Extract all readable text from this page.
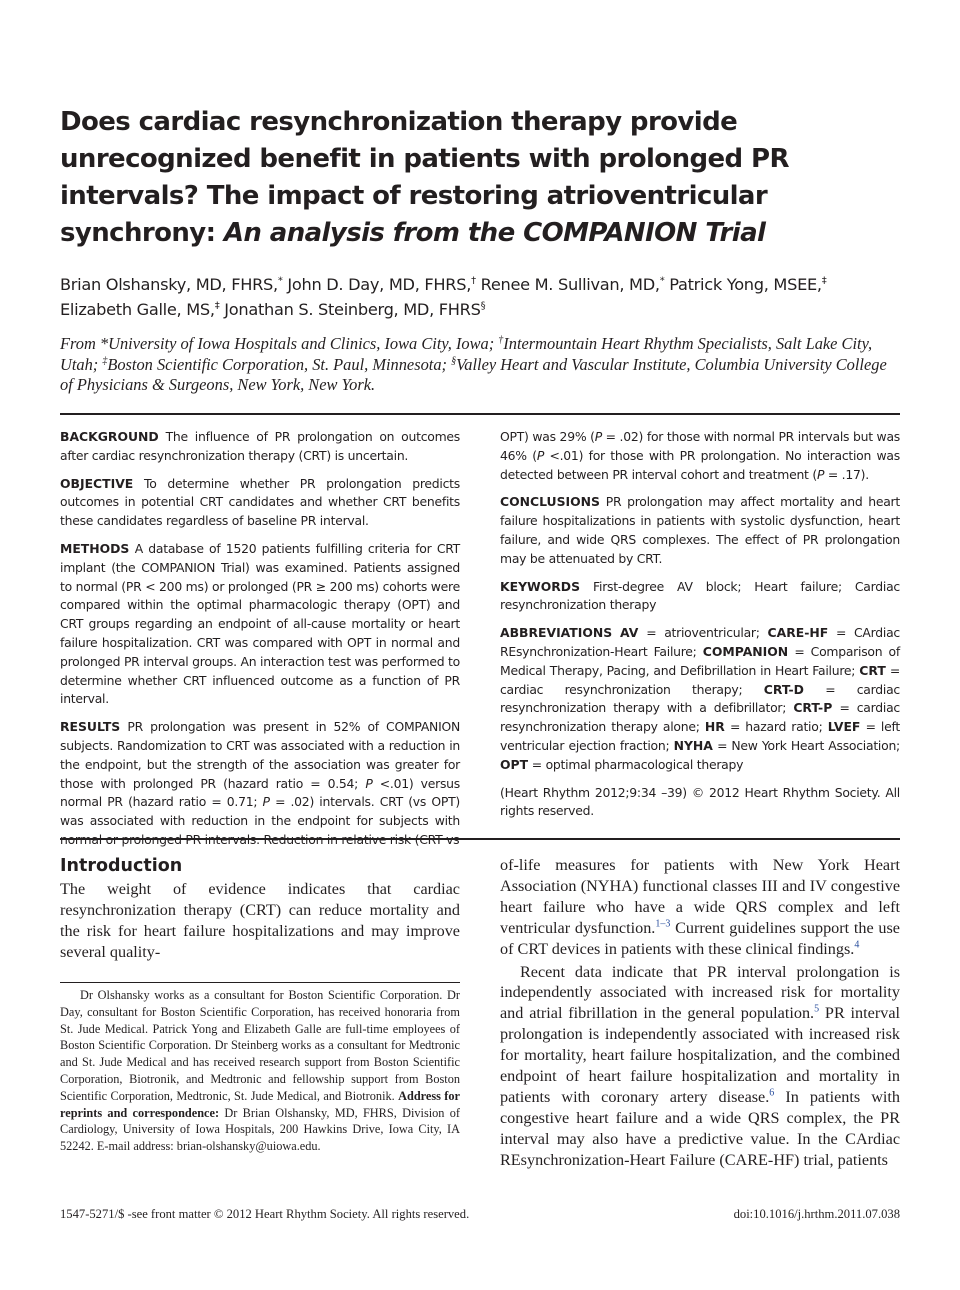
Does cardiac resynchronization therapy provide unrecognized benefit in patients with prolonged PR intervals? The impact of restoring atrioventricular synchrony: An analysis from the COMPANION Trial
Brian Olshansky, MD, FHRS,* John D. Day, MD, FHRS,† Renee M. Sullivan, MD,* Patrick Yong, MSEE,‡
Elizabeth Galle, MS,‡ Jonathan S. Steinberg, MD, FHRS§
From *University of Iowa Hospitals and Clinics, Iowa City, Iowa; †Intermountain Heart Rhythm Specialists, Salt Lake City, Utah; ‡Boston Scientific Corporation, St. Paul, Minnesota; §Valley Heart and Vascular Institute, Columbia University College of Physicians & Surgeons, New York, New York.

BACKGROUND The influence of PR prolongation on outcomes after cardiac resynchronization therapy (CRT) is uncertain.

OBJECTIVE To determine whether PR prolongation predicts outcomes in potential CRT candidates and whether CRT benefits these candidates regardless of baseline PR interval.

METHODS A database of 1520 patients fulfilling criteria for CRT implant (the COMPANION Trial) was examined. Patients assigned to normal (PR < 200 ms) or prolonged (PR ≥ 200 ms) cohorts were compared within the optimal pharmacologic therapy (OPT) and CRT groups regarding an endpoint of all-cause mortality or heart failure hospitalization. CRT was compared with OPT in normal and prolonged PR interval groups. An interaction test was performed to determine whether CRT influenced outcome as a function of PR interval.

RESULTS PR prolongation was present in 52% of COMPANION subjects. Randomization to CRT was associated with a reduction in the endpoint, but the strength of the association was greater for those with prolonged PR (hazard ratio = 0.54; P <.01) versus normal PR (hazard ratio = 0.71; P = .02) intervals. CRT (vs OPT) was associated with reduction in the endpoint for subjects with

OPT) was 29% (P = .02) for those with normal PR intervals but was 46% (P <.01) for those with PR prolongation. No interaction was detected between PR interval cohort and treatment (P = .17).

CONCLUSIONS PR prolongation may affect mortality and heart failure hospitalizations in patients with systolic dysfunction, heart failure, and wide QRS complexes. The effect of PR prolongation may be attenuated by CRT.

KEYWORDS First-degree AV block; Heart failure; Cardiac resynchronization therapy

ABBREVIATIONS AV = atrioventricular; CARE-HF = CArdiac REsynchronization-Heart Failure; COMPANION = Comparison of Medical Therapy, Pacing, and Defibrillation in Heart Failure; CRT = cardiac resynchronization therapy; CRT-D = cardiac resynchronization therapy with a defibrillator; CRT-P = cardiac resynchronization therapy alone; HR = hazard ratio; LVEF = left ventricular ejection fraction; NYHA = New York Heart Association; OPT = optimal pharmacological therapy

(Heart Rhythm 2012;9:34 –39) © 2012 Heart Rhythm Society. All rights reserved.

Introduction

The weight of evidence indicates that cardiac resynchronization therapy (CRT) can reduce mortality and the risk for heart failure hospitalizations and may improve several quality-

of-life measures for patients with New York Heart Association (NYHA) functional classes III and IV congestive heart failure who have a wide QRS complex and left ventricular dysfunction.$^{1-3}$ Current guidelines support the use of CRT devices in patients with these clinical findings.$^4$

Recent data indicate that PR interval prolongation is independently associated with increased risk for mortality and atrial fibrillation in the general population.$^5$ PR interval prolongation is independently associated with increased risk for mortality, heart failure hospitalization, and the combined endpoint of heart failure hospitalization and mortality in patients with coronary artery disease.$^6$ In patients with congestive heart failure and a wide QRS complex, the PR interval may also have a predictive value. In the CArdiac REsynchronization-Heart Failure (CARE-HF) trial, patients

Dr Olshansky works as a consultant for Boston Scientific Corporation. Dr Day, consultant for Boston Scientific Corporation, has received honoraria from St. Jude Medical. Patrick Yong and Elizabeth Galle are full-time employees of Boston Scientific Corporation. Dr Steinberg works as a consultant for Medtronic and St. Jude Medical and has received research support from Boston Scientific Corporation, Biotronik, and Medtronic and fellowship support from Boston Scientific Corporation, Medtronic, St. Jude Medical, and Biotronik. Address for reprints and correspondence: Dr Brian Olshansky, MD, FHRS, Division of Cardiology, University of Iowa Hospitals, 200 Hawkins Drive, Iowa City, IA 52242. E-mail address: brian-olshansky@uiowa.edu.

1547-5271/$ -see front matter © 2012 Heart Rhythm Society. All rights reserved.	doi:10.1016/j.hrthm.2011.07.038
